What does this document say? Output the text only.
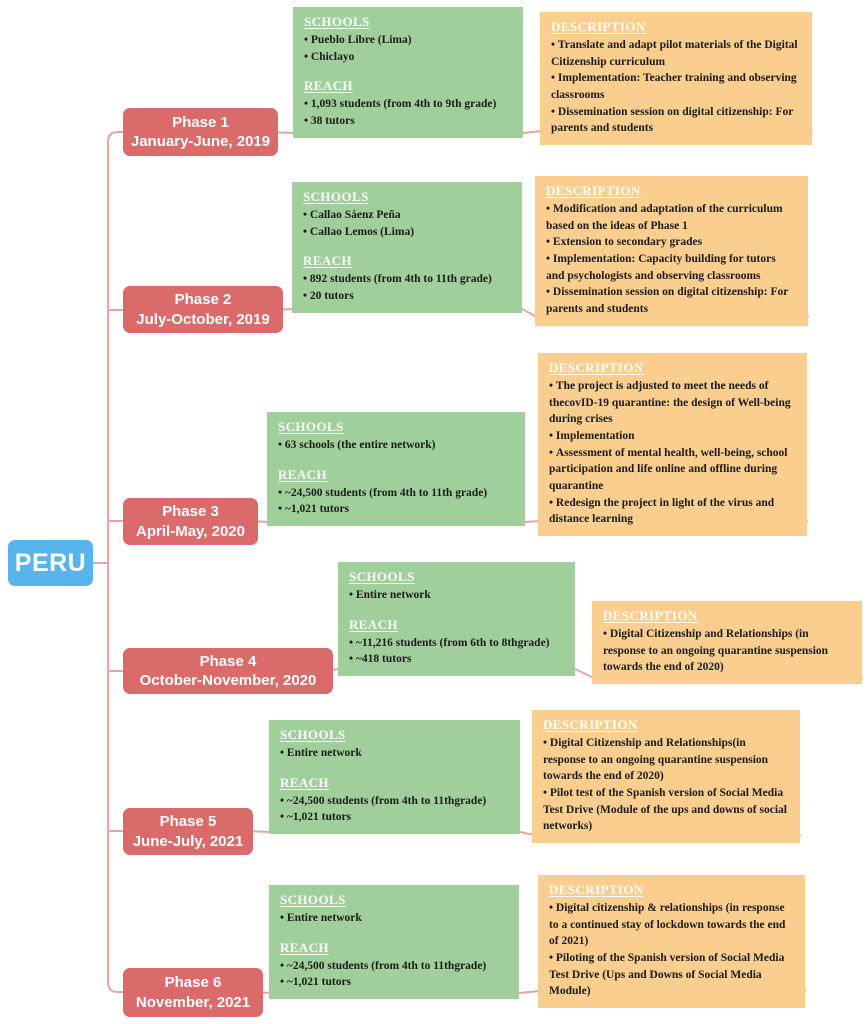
PERU
Phase 1
January-June, 2019
SCHOOLS
• Pueblo Libre (Lima)
• Chiclayo
REACH
• 1,093 students (from 4th to 9th grade)
• 38 tutors
DESCRIPTION
• Translate and adapt pilot materials of the Digital Citizenship curriculum
• Implementation: Teacher training and observing classrooms
• Dissemination session on digital citizenship: For parents and students
Phase 2
July-October, 2019
SCHOOLS
• Callao Sáenz Peña
• Callao Lemos (Lima)
REACH
• 892 students (from 4th to 11th grade)
• 20 tutors
DESCRIPTION
• Modification and adaptation of the curriculum based on the ideas of Phase 1
• Extension to secondary grades
• Implementation: Capacity building for tutors and psychologists and observing classrooms
• Dissemination session on digital citizenship: For parents and students
Phase 3
April-May, 2020
SCHOOLS
• 63 schools (the entire network)
REACH
• ~24,500 students (from 4th to 11th grade)
• ~1,021 tutors
DESCRIPTION
• The project is adjusted to meet the needs of thecovID-19 quarantine: the design of Well-being during crises
• Implementation
• Assessment of mental health, well-being, school participation and life online and offline during quarantine
• Redesign the project in light of the virus and distance learning
Phase 4
October-November, 2020
SCHOOLS
• Entire network
REACH
• ~11,216 students (from 6th to 8thgrade)
• ~418 tutors
DESCRIPTION
• Digital Citizenship and Relationships (in response to an ongoing quarantine suspension towards the end of 2020)
Phase 5
June-July, 2021
SCHOOLS
• Entire network
REACH
• ~24,500 students (from 4th to 11thgrade)
• ~1,021 tutors
DESCRIPTION
• Digital Citizenship and Relationships(in response to an ongoing quarantine suspension towards the end of 2020)
• Pilot test of the Spanish version of Social Media Test Drive (Module of the ups and downs of social networks)
Phase 6
November, 2021
SCHOOLS
• Entire network
REACH
• ~24,500 students (from 4th to 11thgrade)
• ~1,021 tutors
DESCRIPTION
• Digital citizenship & relationships (in response to a continued stay of lockdown towards the end of 2021)
• Piloting of the Spanish version of Social Media Test Drive (Ups and Downs of Social Media Module)
